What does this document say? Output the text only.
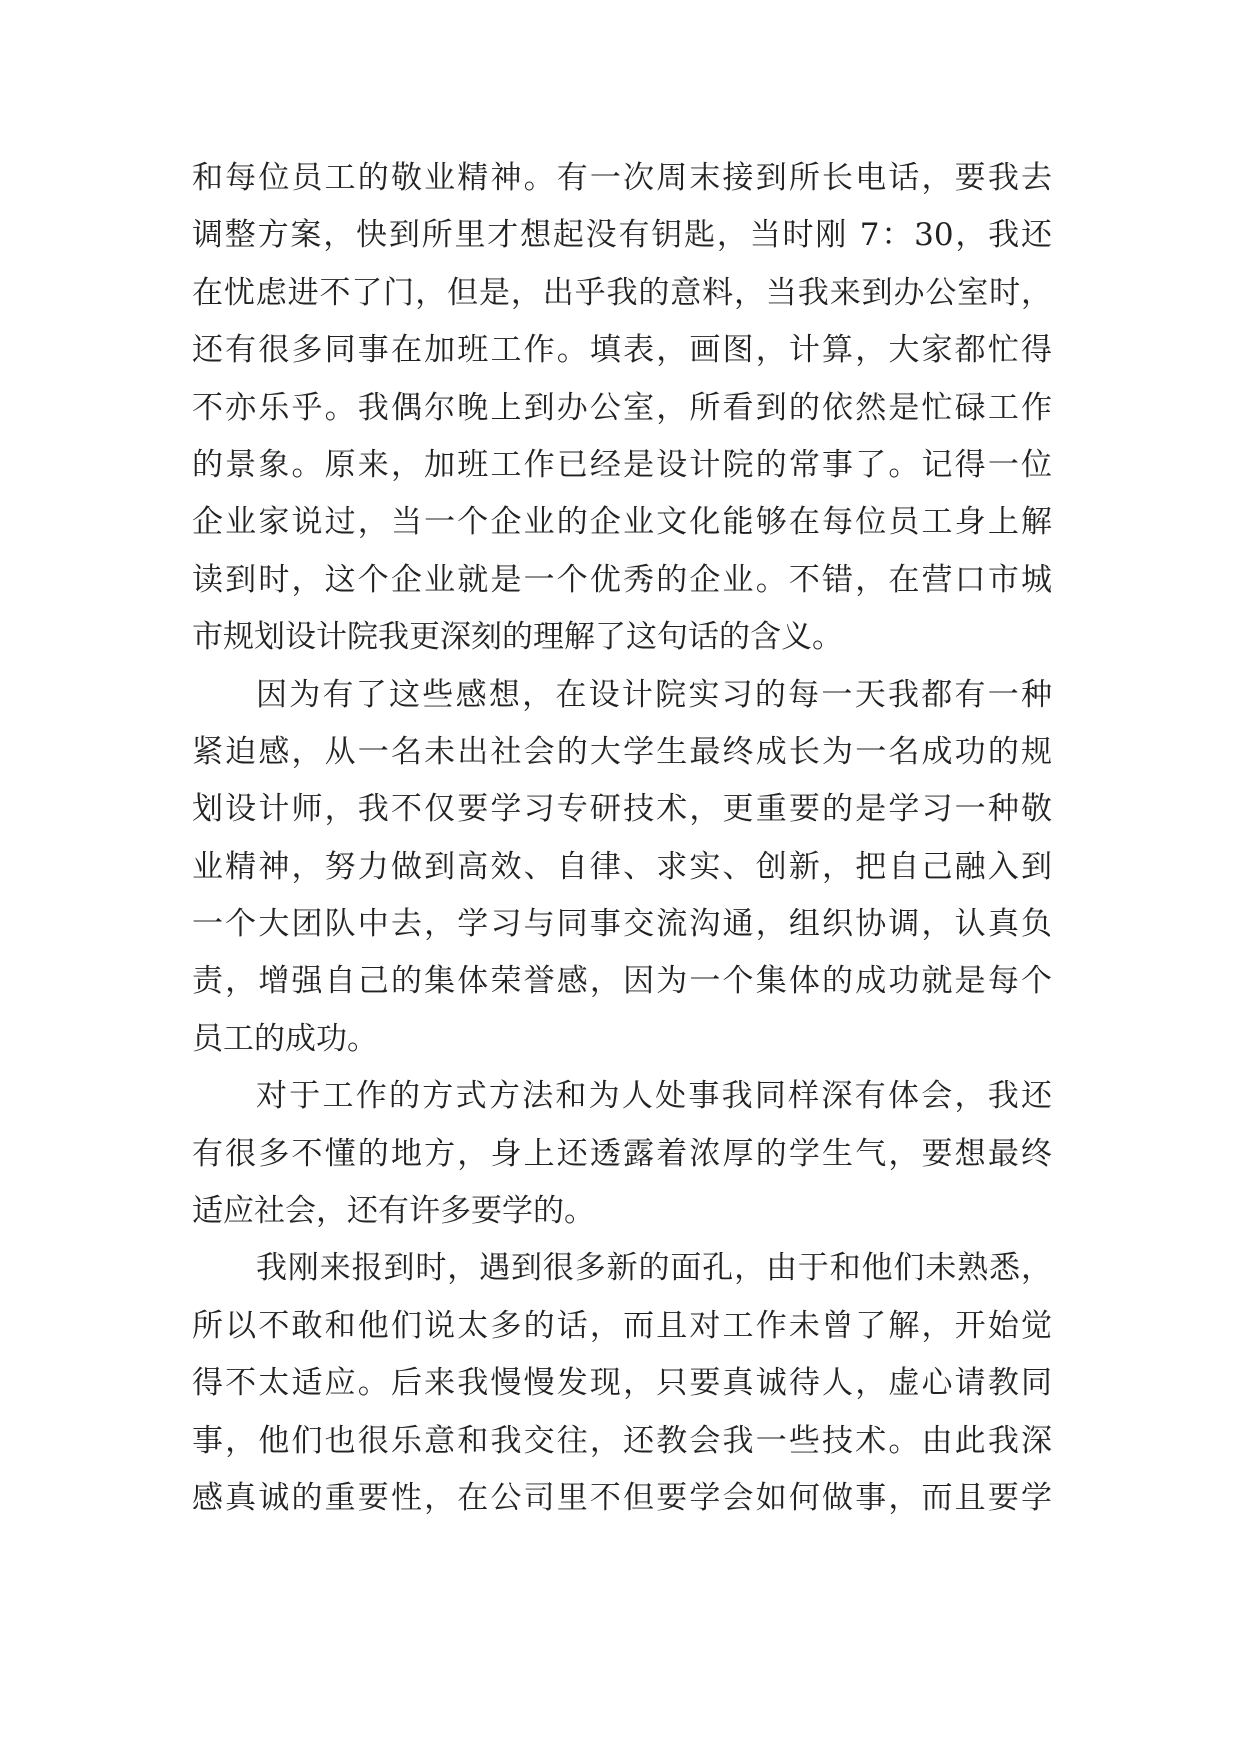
和每位员工的敬业精神。有一次周末接到所长电话，要我去
调整方案，快到所里才想起没有钥匙，当时刚 7：30，我还
在忧虑进不了门，但是，出乎我的意料，当我来到办公室时，
还有很多同事在加班工作。填表，画图，计算，大家都忙得
不亦乐乎。我偶尔晚上到办公室，所看到的依然是忙碌工作
的景象。原来，加班工作已经是设计院的常事了。记得一位
企业家说过，当一个企业的企业文化能够在每位员工身上解
读到时，这个企业就是一个优秀的企业。不错，在营口市城
市规划设计院我更深刻的理解了这句话的含义。
因为有了这些感想，在设计院实习的每一天我都有一种
紧迫感，从一名未出社会的大学生最终成长为一名成功的规
划设计师，我不仅要学习专研技术，更重要的是学习一种敬
业精神，努力做到高效、自律、求实、创新，把自己融入到
一个大团队中去，学习与同事交流沟通，组织协调，认真负
责，增强自己的集体荣誉感，因为一个集体的成功就是每个
员工的成功。
对于工作的方式方法和为人处事我同样深有体会，我还
有很多不懂的地方，身上还透露着浓厚的学生气，要想最终
适应社会，还有许多要学的。
我刚来报到时，遇到很多新的面孔，由于和他们未熟悉，
所以不敢和他们说太多的话，而且对工作未曾了解，开始觉
得不太适应。后来我慢慢发现，只要真诚待人，虚心请教同
事，他们也很乐意和我交往，还教会我一些技术。由此我深
感真诚的重要性，在公司里不但要学会如何做事，而且要学
